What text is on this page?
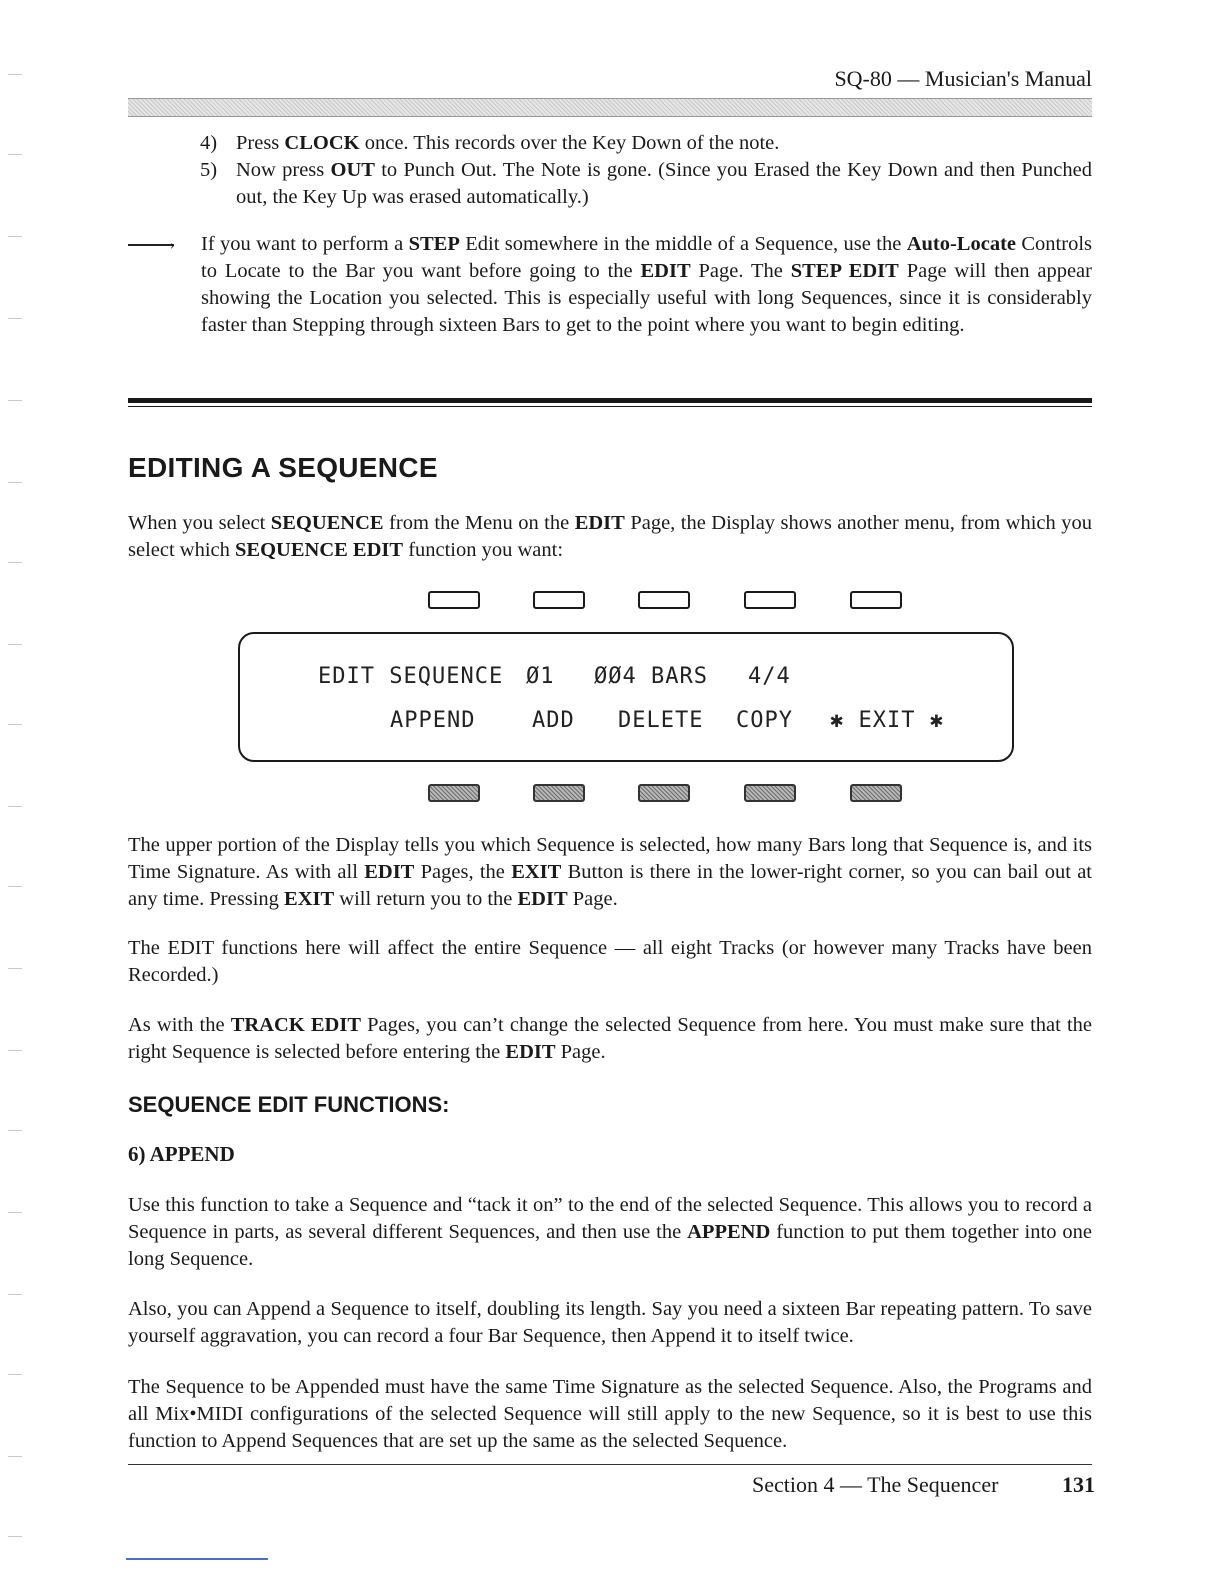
SQ-80 — Musician's Manual
4) Press CLOCK once. This records over the Key Down of the note.
5) Now press OUT to Punch Out. The Note is gone. (Since you Erased the Key Down and then Punched out, the Key Up was erased automatically.)
› If you want to perform a STEP Edit somewhere in the middle of a Sequence, use the Auto-Locate Controls to Locate to the Bar you want before going to the EDIT Page. The STEP EDIT Page will then appear showing the Location you selected. This is especially useful with long Sequences, since it is considerably faster than Stepping through sixteen Bars to get to the point where you want to begin editing.
EDITING A SEQUENCE
When you select SEQUENCE from the Menu on the EDIT Page, the Display shows another menu, from which you select which SEQUENCE EDIT function you want:
EDIT SEQUENCE Ø1 ØØ4 BARS 4/4
APPEND	ADD DELETE COPY ✱ EXIT ✱
The upper portion of the Display tells you which Sequence is selected, how many Bars long that Sequence is, and its Time Signature. As with all EDIT Pages, the EXIT Button is there in the lower-right corner, so you can bail out at any time. Pressing EXIT will return you to the EDIT Page.
The EDIT functions here will affect the entire Sequence — all eight Tracks (or however many Tracks have been Recorded.)
As with the TRACK EDIT Pages, you can’t change the selected Sequence from here. You must make sure that the right Sequence is selected before entering the EDIT Page.
SEQUENCE EDIT FUNCTIONS:
6) APPEND
Use this function to take a Sequence and “tack it on” to the end of the selected Sequence. This allows you to record a Sequence in parts, as several different Sequences, and then use the APPEND function to put them together into one long Sequence.
Also, you can Append a Sequence to itself, doubling its length. Say you need a sixteen Bar repeating pattern. To save yourself aggravation, you can record a four Bar Sequence, then Append it to itself twice.
The Sequence to be Appended must have the same Time Signature as the selected Sequence. Also, the Programs and all Mix•MIDI configurations of the selected Sequence will still apply to the new Sequence, so it is best to use this function to Append Sequences that are set up the same as the selected Sequence.
Section 4 — The Sequencer	131
